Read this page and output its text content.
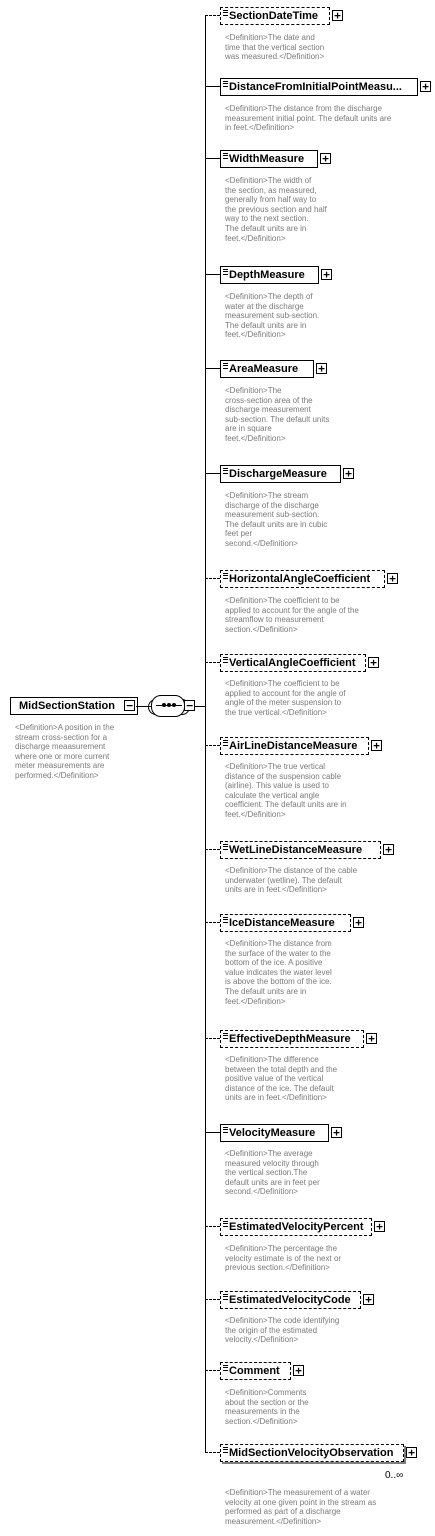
MidSectionStation	−
<Definition>A position in the
stream cross-section for a
discharge meaasurement
where one or more current
meter measurements are
performed.</Definition>
−
SectionDateTime	+
<Definition>The date and
time that the vertical section
was measured.</Definition>
DistanceFromInitialPointMeasu...	+
<Definition>The distance from the discharge
measurement initial point. The default units are
in feet.</Definition>
WidthMeasure	+
<Definition>The width of
the section, as measured,
generally from half way to
the previous section and half
way to the next section.
The default units are in
feet.</Definition>
DepthMeasure	+
<Definition>The depth of
water at the discharge
measurement sub-section.
The default units are in
feet.</Definition>
AreaMeasure	+
<Definition>The
cross-section area of the
discharge measurement
sub-section. The default units
are in square
feet.</Definition>
DischargeMeasure	+
<Definition>The stream
discharge of the discharge
measurement sub-section.
The default units are in cubic
feet per
second.</Definition>
HorizontalAngleCoefficient	+
<Definition>The coefficient to be
applied to account for the angle of the
streamflow to measurement
section.</Definition>
VerticalAngleCoefficient	+
<Definition>The coefficient to be
applied to account for the angle of
angle of the meter suspension to
the true vertical.</Definition>
AirLineDistanceMeasure	+
<Definition>The true vertical
distance of the suspension cable
(airline). This value is used to
calculate the vertical angle
coefficient. The default units are in
feet.</Definition>
WetLineDistanceMeasure	+
<Definition>The distance of the cable
underwater (wetline). The default
units are in feet.</Definition>
IceDistanceMeasure	+
<Definition>The distance from
the surface of the water to the
bottom of the ice. A positive
value indicates the water level
is above the bottom of the ice.
The default units are in
feet.</Definition>
EffectiveDepthMeasure	+
<Definition>The difference
between the total depth and the
positive value of the vertical
distance of the ice. The default
units are in feet.</Definition>
VelocityMeasure	+
<Definition>The average
measured velocity through
the vertical section.The
default units are in feet per
second.</Definition>
EstimatedVelocityPercent	+
<Definition>The percentage the
velocity estimate is of the next or
previous section.</Definition>
EstimatedVelocityCode	+
<Definition>The code identifying
the origin of the estimated
velocity.</Definition>
Comment	+
<Definition>Comments
about the section or the
measurements in the
section.</Definition>
MidSectionVelocityObservation	+
<Definition>The measurement of a water
velocity at one given point in the stream as
performed as part of a discharge
measurement.</Definition>
0..∞
